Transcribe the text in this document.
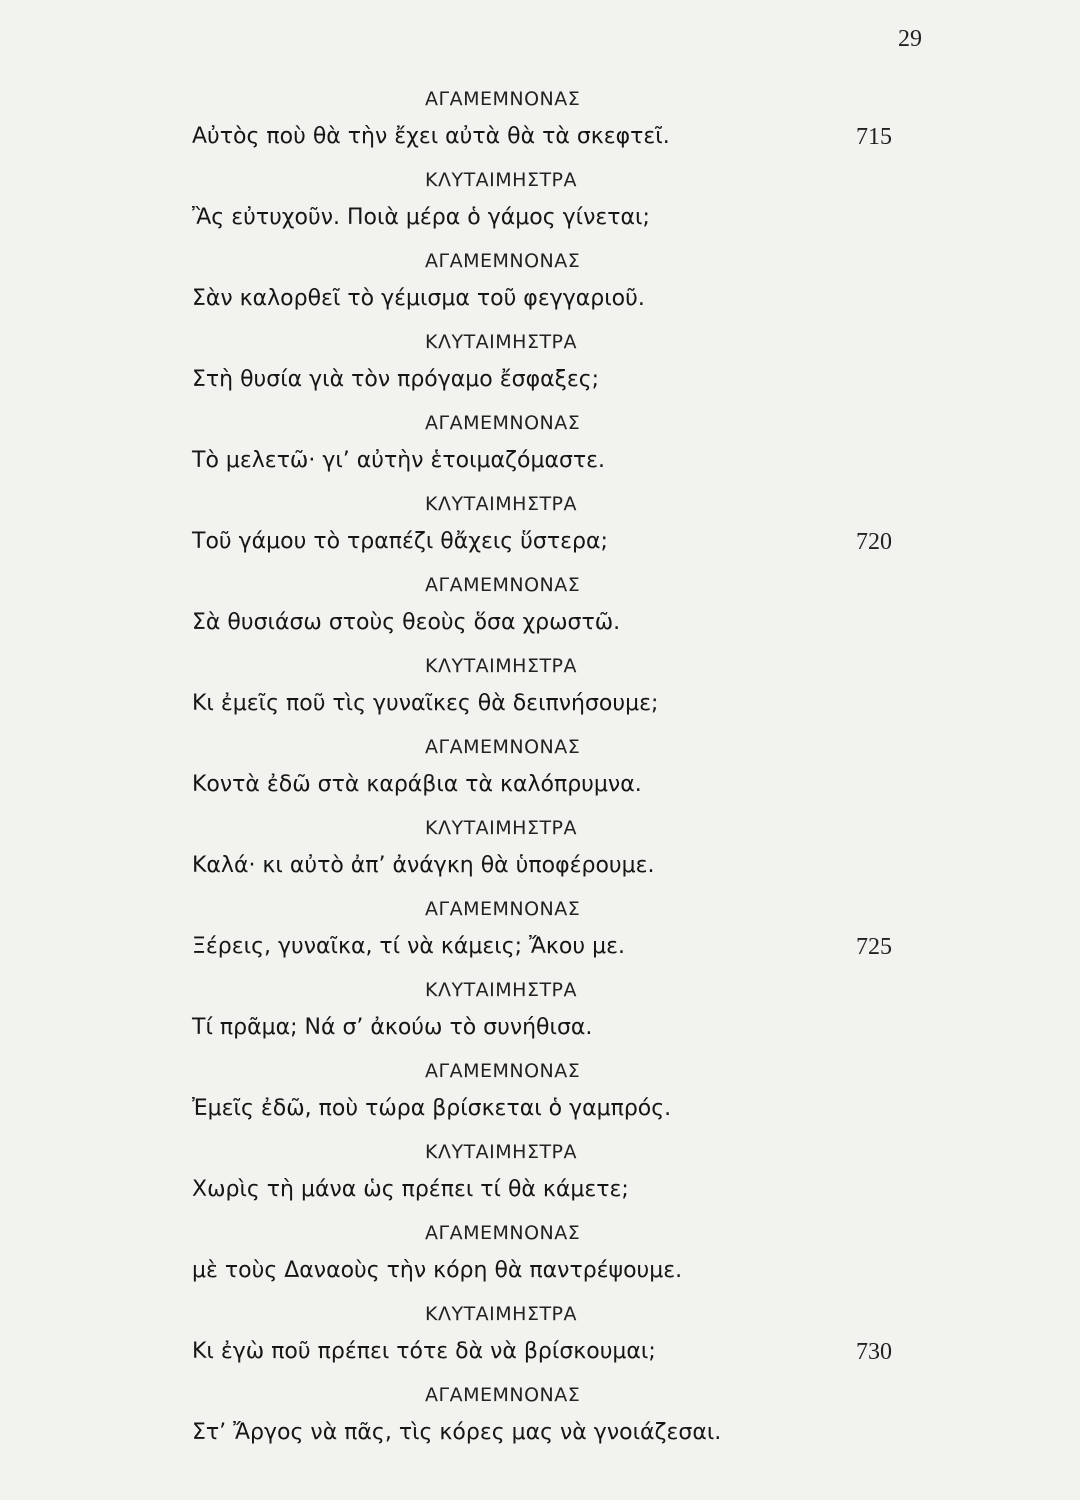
29
ΑΓΑΜΕΜΝΟΝΑΣ
Αὐτὸς ποὺ θὰ τὴν ἔχει αὐτὰ θὰ τὰ σκεφτεῖ.	715
ΚΛΥΤΑΙΜΗΣΤΡΑ
Ἂς εὐτυχοῦν. Ποιὰ μέρα ὁ γάμος γίνεται;
ΑΓΑΜΕΜΝΟΝΑΣ
Σὰν καλορθεῖ τὸ γέμισμα τοῦ φεγγαριοῦ.
ΚΛΥΤΑΙΜΗΣΤΡΑ
Στὴ θυσία γιὰ τὸν πρόγαμο ἔσφαξες;
ΑΓΑΜΕΜΝΟΝΑΣ
Τὸ μελετῶ· γι’ αὐτὴν ἑτοιμαζόμαστε.
ΚΛΥΤΑΙΜΗΣΤΡΑ
Τοῦ γάμου τὸ τραπέζι θἄχεις ὕστερα;	720
ΑΓΑΜΕΜΝΟΝΑΣ
Σὰ θυσιάσω στοὺς θεοὺς ὅσα χρωστῶ.
ΚΛΥΤΑΙΜΗΣΤΡΑ
Κι ἐμεῖς ποῦ τὶς γυναῖκες θὰ δειπνήσουμε;
ΑΓΑΜΕΜΝΟΝΑΣ
Κοντὰ ἐδῶ στὰ καράβια τὰ καλόπρυμνα.
ΚΛΥΤΑΙΜΗΣΤΡΑ
Καλά· κι αὐτὸ ἀπ’ ἀνάγκη θὰ ὑποφέρουμε.
ΑΓΑΜΕΜΝΟΝΑΣ
Ξέρεις, γυναῖκα, τί νὰ κάμεις; Ἄκου με.	725
ΚΛΥΤΑΙΜΗΣΤΡΑ
Τί πρᾶμα; Νά σ’ ἀκούω τὸ συνήθισα.
ΑΓΑΜΕΜΝΟΝΑΣ
Ἐμεῖς ἐδῶ, ποὺ τώρα βρίσκεται ὁ γαμπρός.
ΚΛΥΤΑΙΜΗΣΤΡΑ
Χωρὶς τὴ μάνα ὡς πρέπει τί θὰ κάμετε;
ΑΓΑΜΕΜΝΟΝΑΣ
μὲ τοὺς Δαναοὺς τὴν κόρη θὰ παντρέψουμε.
ΚΛΥΤΑΙΜΗΣΤΡΑ
Κι ἐγὼ ποῦ πρέπει τότε δὰ νὰ βρίσκουμαι;	730
ΑΓΑΜΕΜΝΟΝΑΣ
Στ’ Ἄργος νὰ πᾶς, τὶς κόρες μας νὰ γνοιάζεσαι.
